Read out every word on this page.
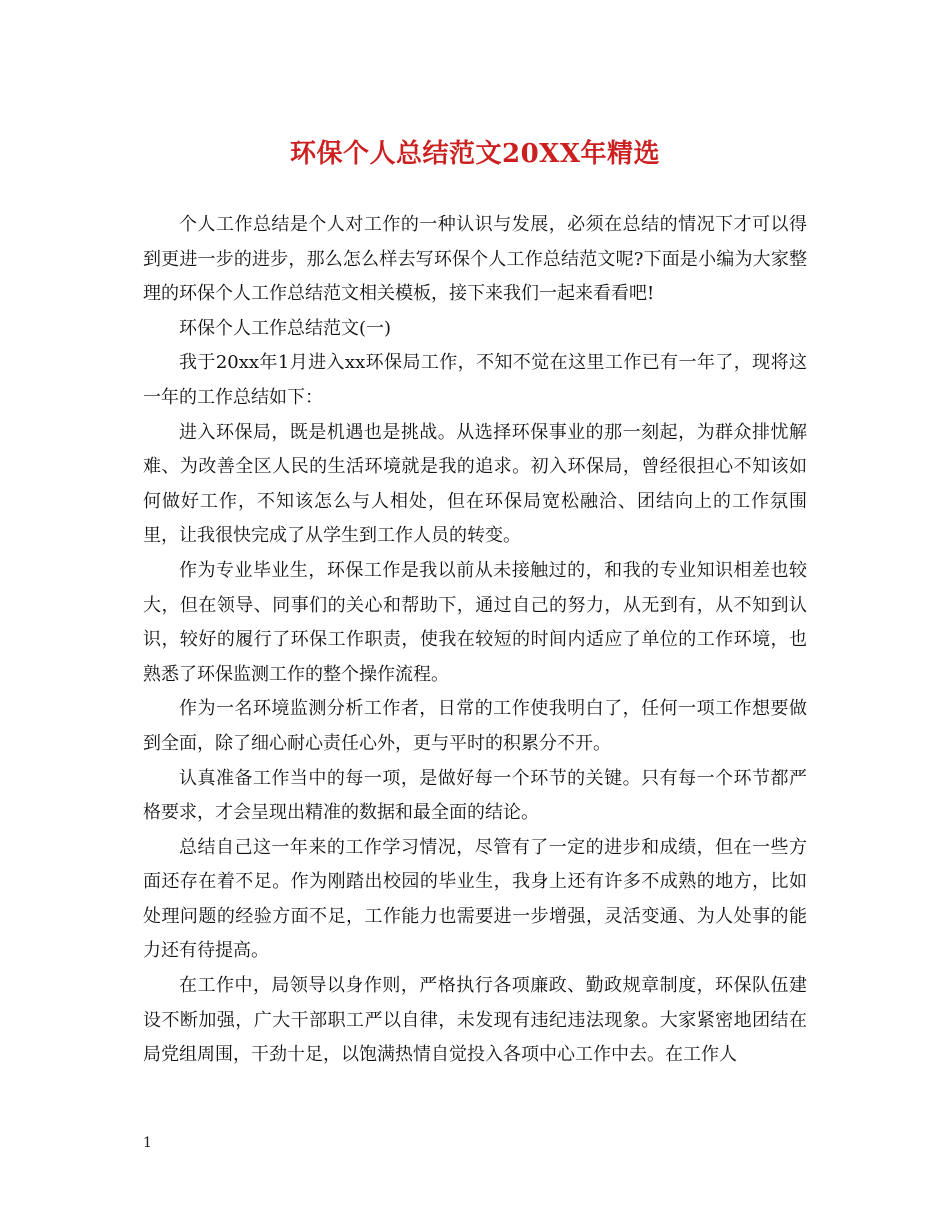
环保个人总结范文20XX年精选

个人工作总结是个人对工作的一种认识与发展，必须在总结的情况下才可以得到更进一步的进步，那么怎么样去写环保个人工作总结范文呢?下面是小编为大家整理的环保个人工作总结范文相关模板，接下来我们一起来看看吧!

环保个人工作总结范文(一)

我于20xx年1月进入xx环保局工作，不知不觉在这里工作已有一年了，现将这一年的工作总结如下：

进入环保局，既是机遇也是挑战。从选择环保事业的那一刻起，为群众排忧解难、为改善全区人民的生活环境就是我的追求。初入环保局，曾经很担心不知该如何做好工作，不知该怎么与人相处，但在环保局宽松融洽、团结向上的工作氛围里，让我很快完成了从学生到工作人员的转变。

作为专业毕业生，环保工作是我以前从未接触过的，和我的专业知识相差也较大，但在领导、同事们的关心和帮助下，通过自己的努力，从无到有，从不知到认识，较好的履行了环保工作职责，使我在较短的时间内适应了单位的工作环境，也熟悉了环保监测工作的整个操作流程。

作为一名环境监测分析工作者，日常的工作使我明白了，任何一项工作想要做到全面，除了细心耐心责任心外，更与平时的积累分不开。

认真准备工作当中的每一项，是做好每一个环节的关键。只有每一个环节都严格要求，才会呈现出精准的数据和最全面的结论。

总结自己这一年来的工作学习情况，尽管有了一定的进步和成绩，但在一些方面还存在着不足。作为刚踏出校园的毕业生，我身上还有许多不成熟的地方，比如处理问题的经验方面不足，工作能力也需要进一步增强，灵活变通、为人处事的能力还有待提高。

在工作中，局领导以身作则，严格执行各项廉政、勤政规章制度，环保队伍建设不断加强，广大干部职工严以自律，未发现有违纪违法现象。大家紧密地团结在局党组周围，干劲十足，以饱满热情自觉投入各项中心工作中去。在工作人

1
